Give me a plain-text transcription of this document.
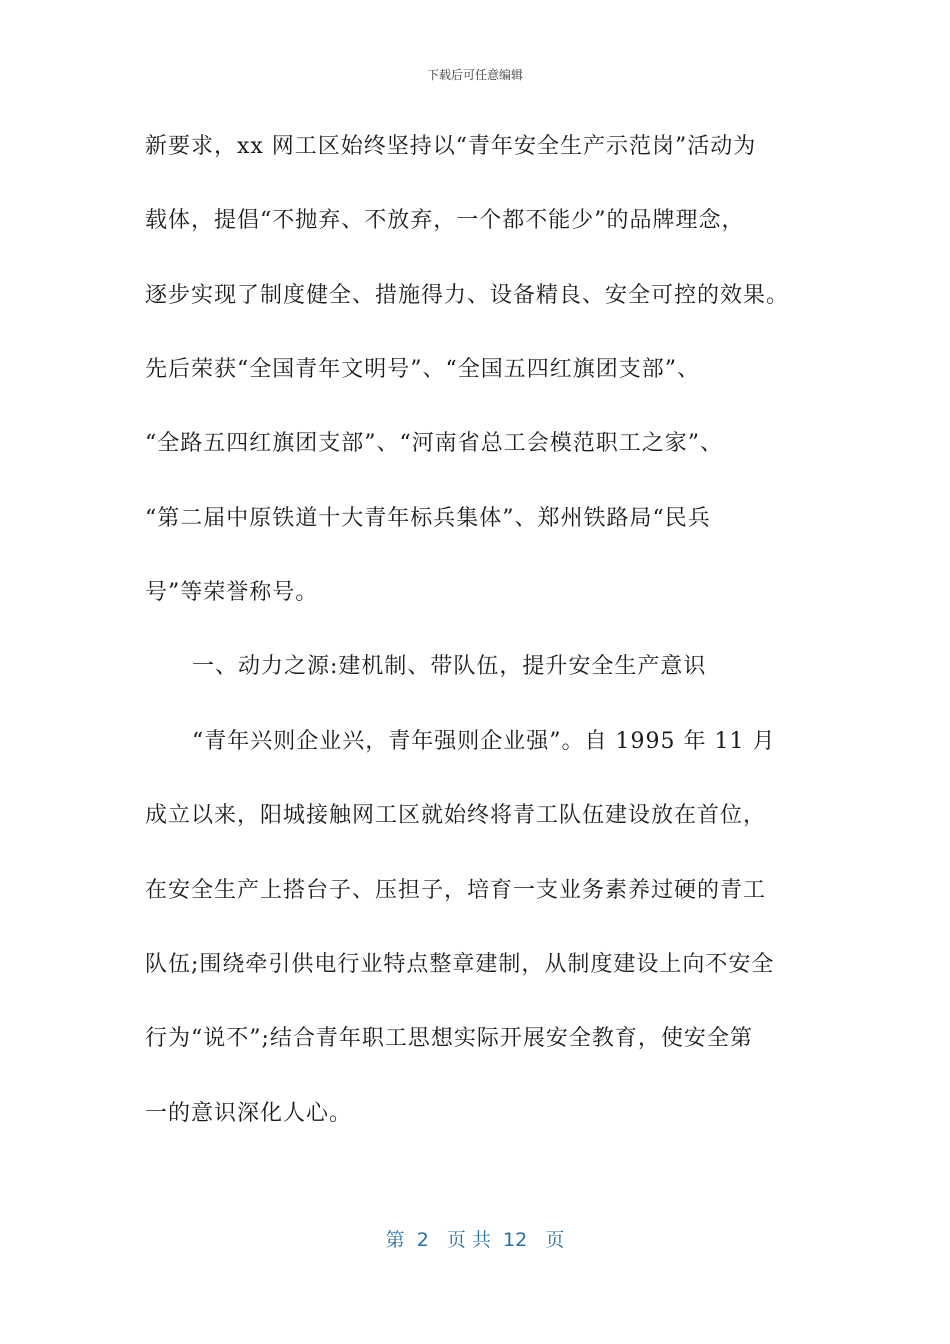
下载后可任意编辑
新要求，xx 网工区始终坚持以“青年安全生产示范岗”活动为
载体，提倡“不抛弃、不放弃，一个都不能少”的品牌理念，
逐步实现了制度健全、措施得力、设备精良、安全可控的效果。
先后荣获“全国青年文明号”、“全国五四红旗团支部”、
“全路五四红旗团支部”、“河南省总工会模范职工之家”、
“第二届中原铁道十大青年标兵集体”、郑州铁路局“民兵
号”等荣誉称号。
一、动力之源:建机制、带队伍，提升安全生产意识
“青年兴则企业兴，青年强则企业强”。自 1995 年 11 月
成立以来，阳城接触网工区就始终将青工队伍建设放在首位，
在安全生产上搭台子、压担子，培育一支业务素养过硬的青工
队伍;围绕牵引供电行业特点整章建制，从制度建设上向不安全
行为“说不”;结合青年职工思想实际开展安全教育，使安全第
一的意识深化人心。
第  2   页 共  12   页
